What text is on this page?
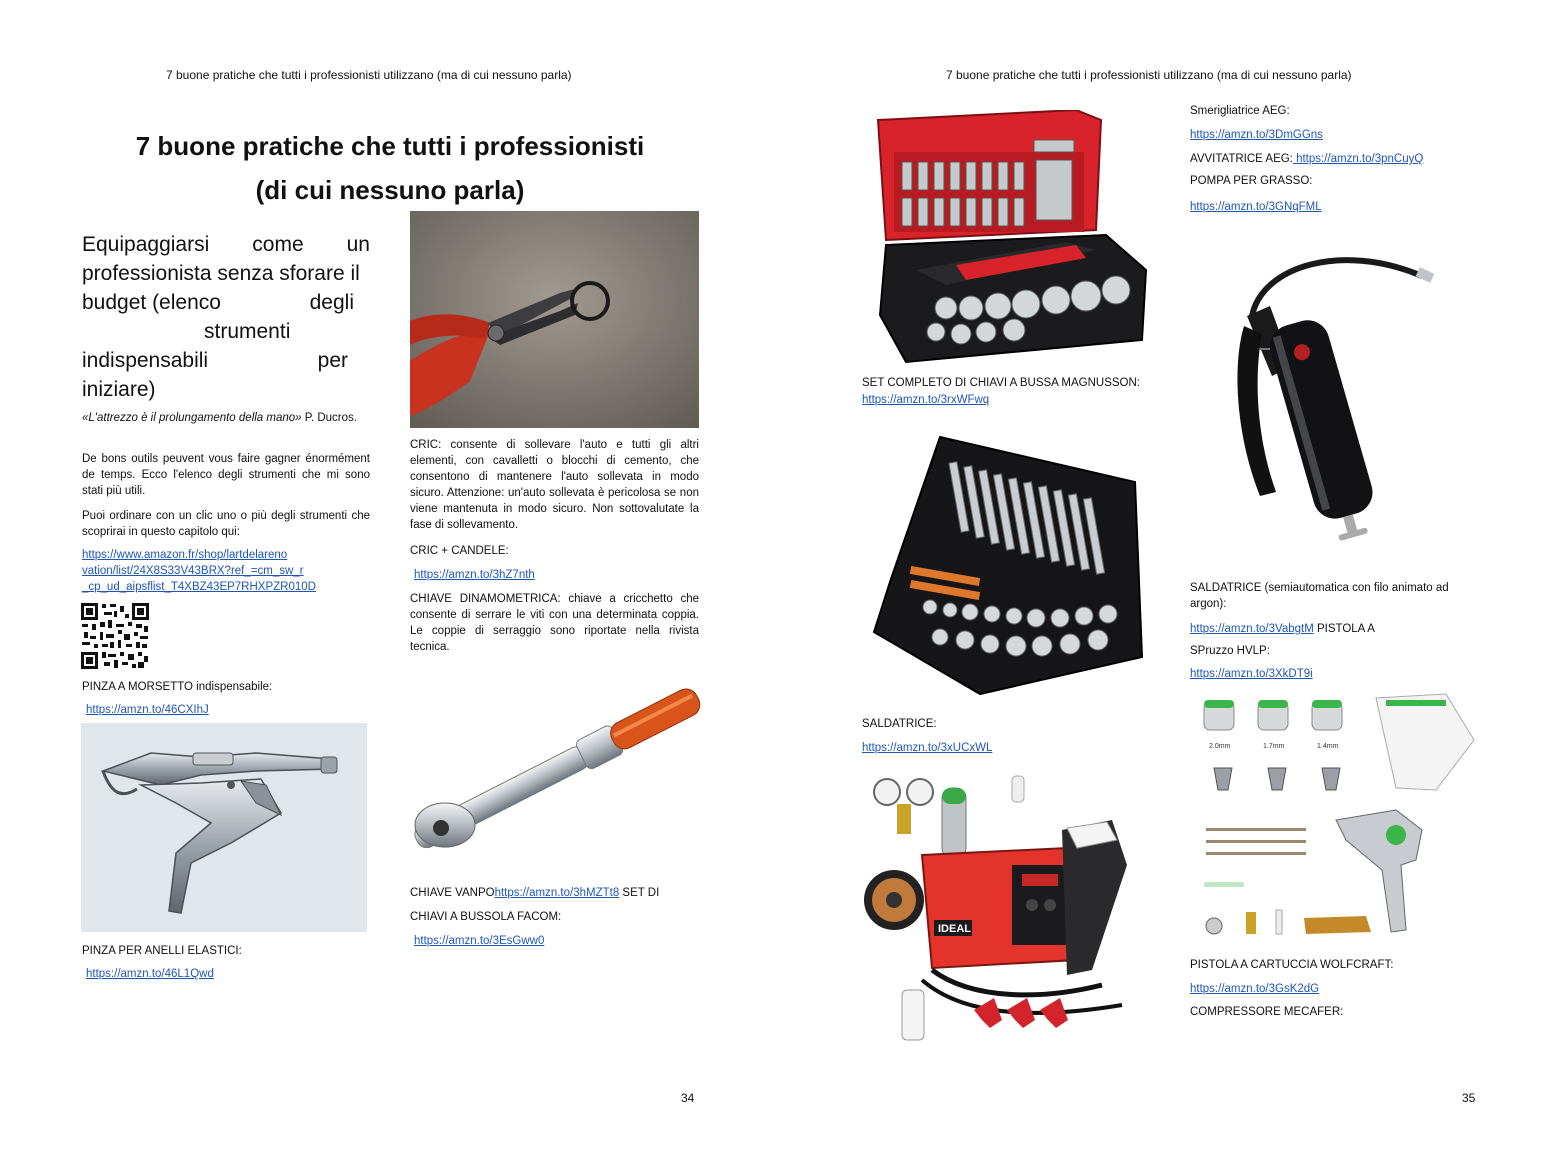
7 buone pratiche che tutti i professionisti utilizzano (ma di cui nessuno parla)
7 buone pratiche che tutti i professionisti
(di cui nessuno parla)
Equipaggiarsi come un
professionista senza sforare il
budget (elenco	degli
strumenti
indispensabili	per
iniziare)
«L'attrezzo è il prolungamento della mano» P. Ducros.
De bons outils peuvent vous faire gagner énormément de temps. Ecco l'elenco degli strumenti che mi sono stati più utili.
Puoi ordinare con un clic uno o più degli strumenti che scoprirai in questo capitolo qui:
https://www.amazon.fr/shop/lartdelareno
vation/list/24X8S33V43BRX?ref_=cm_sw_r
_cp_ud_aipsflist_T4XBZ43EP7RHXPZR010D
PINZA A MORSETTO indispensabile:
https://amzn.to/46CXIhJ
PINZA PER ANELLI ELASTICI:
https://amzn.to/46L1Qwd
CRIC: consente di sollevare l'auto e tutti gli altri elementi, con cavalletti o blocchi di cemento, che consentono di mantenere l'auto sollevata in modo sicuro. Attenzione: un'auto sollevata è pericolosa se non viene mantenuta in modo sicuro. Non sottovalutate la fase di sollevamento.
CRIC + CANDELE:
https://amzn.to/3hZ7nth
CHIAVE DINAMOMETRICA: chiave a cricchetto che consente di serrare le viti con una determinata coppia. Le coppie di serraggio sono riportate nella rivista tecnica.
CHIAVE VANPOhttps://amzn.to/3hMZTt8 SET DI
CHIAVI A BUSSOLA FACOM:
https://amzn.to/3EsGww0
34
7 buone pratiche che tutti i professionisti utilizzano (ma di cui nessuno parla)
SET COMPLETO DI CHIAVI A BUSSA MAGNUSSON:
https://amzn.to/3rxWFwq
SALDATRICE:
https://amzn.to/3xUCxWL
IDEAL
Smerigliatrice AEG:
https://amzn.to/3DmGGns
AVVITATRICE AEG: https://amzn.to/3pnCuyQ
POMPA PER GRASSO:
https://amzn.to/3GNqFML
SALDATRICE (semiautomatica con filo animato ad argon):
https://amzn.to/3VabgtM PISTOLA A
SPruzzo HVLP:
https://amzn.to/3XkDT9i
2.0mm	1.7mm	1.4mm
PISTOLA A CARTUCCIA WOLFCRAFT:
https://amzn.to/3GsK2dG
COMPRESSORE MECAFER:
35
